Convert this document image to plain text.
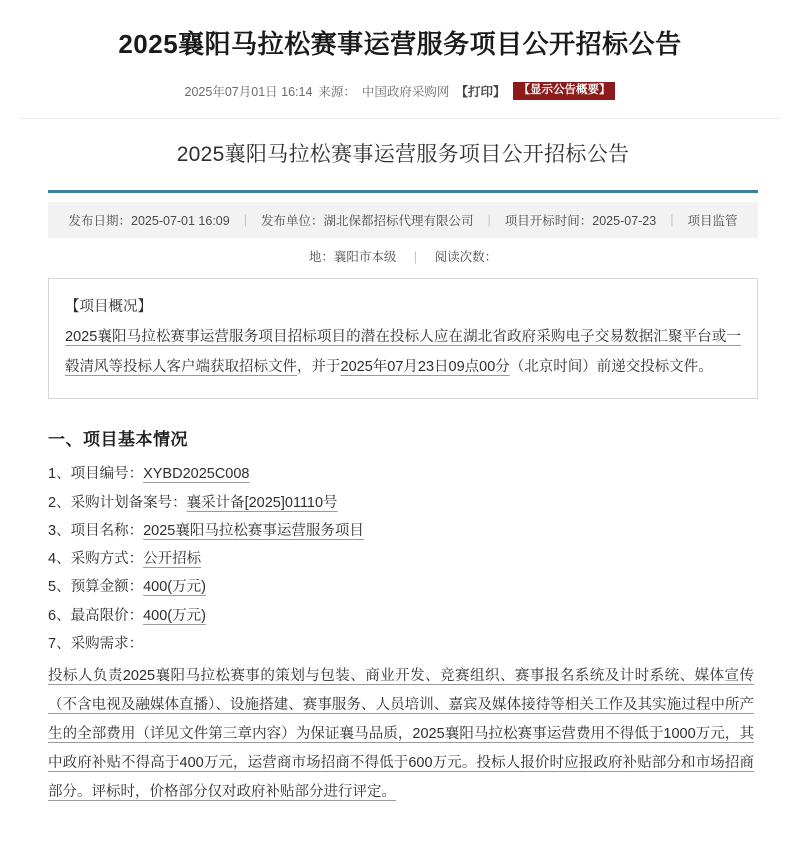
2025襄阳马拉松赛事运营服务项目公开招标公告
2025年07月01日 16:14 来源： 中国政府采购网 【打印】	【显示公告概要】
2025襄阳马拉松赛事运营服务项目公开招标公告
发布日期：2025-07-01 16:09	|	发布单位：湖北保都招标代理有限公司	|	项目开标时间：2025-07-23	|	项目监管
地：襄阳市本级 | 阅读次数：
【项目概况】

2025襄阳马拉松赛事运营服务项目招标项目的潜在投标人应在湖北省政府采购电子交易数据汇聚平台或一毂清风等投标人客户端获取招标文件，并于2025年07月23日09点00分（北京时间）前递交投标文件。

一、项目基本情况
1、项目编号：XYBD2025C008
2、采购计划备案号：襄采计备[2025]01110号
3、项目名称：2025襄阳马拉松赛事运营服务项目
4、采购方式：公开招标
5、预算金额：400(万元)
6、最高限价：400(万元)
7、采购需求：

投标人负责2025襄阳马拉松赛事的策划与包装、商业开发、竞赛组织、赛事报名系统及计时系统、媒体宣传（不含电视及融媒体直播）、设施搭建、赛事服务、人员培训、嘉宾及媒体接待等相关工作及其实施过程中所产生的全部费用（详见文件第三章内容）为保证襄马品质，2025襄阳马拉松赛事运营费用不得低于1000万元，其中政府补贴不得高于400万元，运营商市场招商不得低于600万元。投标人报价时应报政府补贴部分和市场招商部分。评标时，价格部分仅对政府补贴部分进行评定。
